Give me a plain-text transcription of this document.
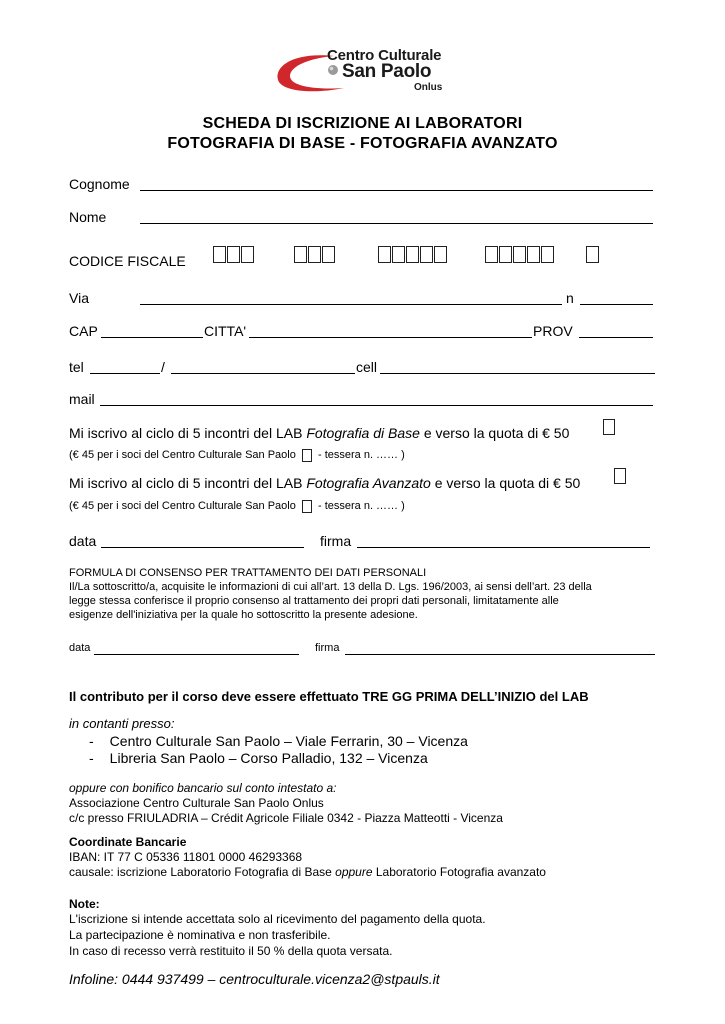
Centro Culturale
San Paolo
Onlus
SCHEDA DI ISCRIZIONE AI LABORATORI
FOTOGRAFIA DI BASE - FOTOGRAFIA AVANZATO
Cognome
Nome
CODICE FISCALE

Via	n
CAP	CITTA'	PROV
tel	/	cell
mail
Mi iscrivo al ciclo di 5 incontri del LAB Fotografia di Base e verso la quota di € 50
(€ 45 per i soci del Centro Culturale San Paolo - tessera n. …… )
Mi iscrivo al ciclo di 5 incontri del LAB Fotografia Avanzato e verso la quota di € 50
(€ 45 per i soci del Centro Culturale San Paolo - tessera n. …… )
data	firma
FORMULA DI CONSENSO PER TRATTAMENTO DEI DATI PERSONALI
Il/La sottoscritto/a, acquisite le informazioni di cui all’art. 13 della D. Lgs. 196/2003, ai sensi dell’art. 23 della
legge stessa conferisce il proprio consenso al trattamento dei propri dati personali, limitatamente alle
esigenze dell'iniziativa per la quale ho sottoscritto la presente adesione.
data	firma
Il contributo per il corso deve essere effettuato TRE GG PRIMA DELL’INIZIO del LAB
in contanti presso:
- Centro Culturale San Paolo – Viale Ferrarin, 30 – Vicenza
- Libreria San Paolo – Corso Palladio, 132 – Vicenza
oppure con bonifico bancario sul conto intestato a:
Associazione Centro Culturale San Paolo Onlus
c/c presso FRIULADRIA – Crédit Agricole Filiale 0342 - Piazza Matteotti - Vicenza
Coordinate Bancarie
IBAN: IT 77 C 05336 11801 0000 46293368
causale: iscrizione Laboratorio Fotografia di Base oppure Laboratorio Fotografia avanzato
Note:
L'iscrizione si intende accettata solo al ricevimento del pagamento della quota.
La partecipazione è nominativa e non trasferibile.
In caso di recesso verrà restituito il 50 % della quota versata.
Infoline: 0444 937499 – centroculturale.vicenza2@stpauls.it
